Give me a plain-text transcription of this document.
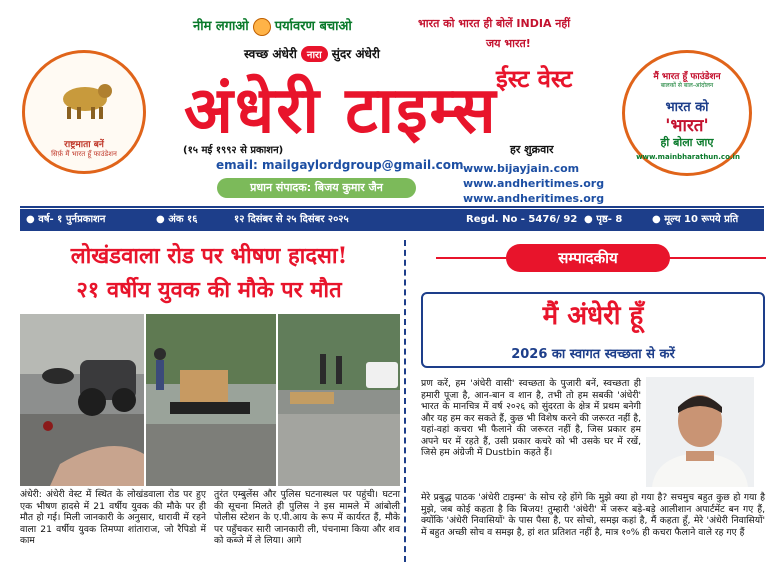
राष्ट्रमाता बनें
सिर्फ़ मैं भारत हूँ फाउंडेशन
मैं भारत हूँ फाउंडेशन
बालकों से बाल-आंदोलन
भारत को
'भारत'
ही बोला जाए
www.mainbharathun.co.in
नीम लगाओ पर्यावरण बचाओ
स्वच्छ अंधेरी नारा सुंदर अंधेरी
भारत को भारत ही बोलें INDIA नहीं
जय भारत!
ईस्ट वेस्ट
अंधेरी टाइम्स
(१५ मई १९९२ से प्रकाशन)	हर शुक्रवार
email: mailgaylordgroup@gmail.com
प्रधान संपादक: बिजय कुमार जैन
www.bijayjain.com
www.andheritimes.org
www.andheritimes.org
● वर्ष- १ पुर्नप्रकाशन	● अंक १६	१२ दिसंबर से २५ दिसंबर २०२५	Regd. No - 5476/ 92 ● पृष्ठ- 8	● मूल्य 10 रूपये प्रति
लोखंडवाला रोड पर भीषण हादसा!
२१ वर्षीय युवक की मौके पर मौत
अंधेरी: अंधेरी वेस्ट में स्थित के लोखंडवाला रोड पर हुए एक भीषण हादसे में 21 वर्षीय युवक की मौके पर ही मौत हो गई। मिली जानकारी के अनुसार, धारावी में रहने वाला 21 वर्षीय युवक तिमप्पा शांताराज, जो रैपिडो में काम
तुरंत एम्बुलेंस और पुलिस घटनास्थल पर पहुंची। घटना की सूचना मिलते ही पुलिस ने इस मामले में आंबोली पोलीस स्टेशन के ए.पी.आय के रूप में कार्यरत हैं, मौके पर पहुँचकर सारी जानकारी ली, पंचनामा किया और शव को कब्जे में ले लिया। आगे
सम्पादकीय
मैं अंधेरी हूँ
2026 का स्वागत स्वच्छता से करें
प्रण करें, हम 'अंधेरी वासी' स्वच्छता के पुजारी बनें, स्वच्छता ही हमारी पूजा है, आन-बान व शान है, तभी तो हम सबकी 'अंधेरी' भारत के मानचित्र में वर्ष २०२६ को सुंदरता के क्षेत्र में प्रथम बनेगी और यह हम कर सकते हैं, कुछ भी विशेष करने की जरूरत नहीं है, यहां-वहां कचरा भी फैलाने की जरूरत नहीं है, जिस प्रकार हम अपने घर में रहते हैं, उसी प्रकार कचरे को भी उसके घर में रखें, जिसे हम अंग्रेजी में Dustbin कहते हैं।
मेरे प्रबुद्ध पाठक 'अंधेरी टाइम्स' के सोच रहे होंगे कि मुझे क्या हो गया है? सचमुच बहुत कुछ हो गया है मुझे, जब कोई कहता है कि बिजय! तुम्हारी 'अंधेरी' में जरूर बड़े-बड़े आलीशान अपार्टमेंट बन गए हैं, क्योंकि 'अंधेरी निवासियों' के पास पैसा है, पर सोचो, समझ कहां है, मैं कहता हूँ, मेरे 'अंधेरी निवासियों' में बहुत अच्छी सोच व समझ है, हां शत प्रतिशत नहीं है, मात्र १०% ही कचरा फैलाने वाले रह गए हैं
